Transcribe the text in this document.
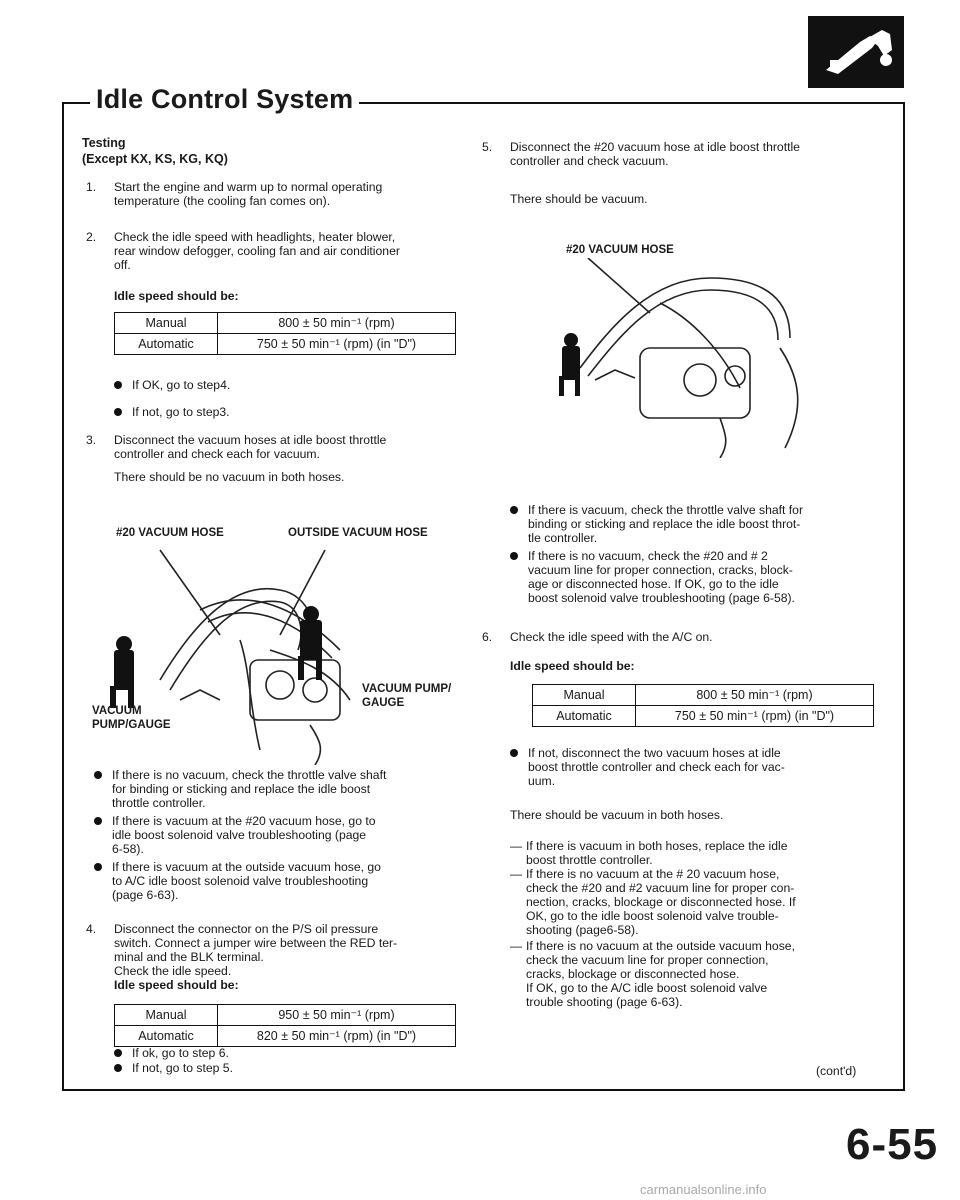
Idle Control System
Testing
(Except KX, KS, KG, KQ)
1. Start the engine and warm up to normal operating
temperature (the cooling fan comes on).
2. Check the idle speed with headlights, heater blower,
rear window defogger, cooling fan and air conditioner
off.
Idle speed should be:
Manual	800 ± 50 min⁻¹ (rpm)
Automatic	750 ± 50 min⁻¹ (rpm) (in "D")
If OK, go to step4.
If not, go to step3.
3. Disconnect the vacuum hoses at idle boost throttle
controller and check each for vacuum.
There should be no vacuum in both hoses.
#20 VACUUM HOSE	OUTSIDE VACUUM HOSE
VACUUM
PUMP/GAUGE
VACUUM PUMP/
GAUGE
If there is no vacuum, check the throttle valve shaft
for binding or sticking and replace the idle boost
throttle controller.
If there is vacuum at the #20 vacuum hose, go to
idle boost solenoid valve troubleshooting (page
6-58).
If there is vacuum at the outside vacuum hose, go
to A/C idle boost solenoid valve troubleshooting
(page 6-63).
4. Disconnect the connector on the P/S oil pressure
switch. Connect a jumper wire between the RED ter-
minal and the BLK terminal.
Check the idle speed.
Idle speed should be:
Manual	950 ± 50 min⁻¹ (rpm)
Automatic	820 ± 50 min⁻¹ (rpm) (in "D")
5. Disconnect the #20 vacuum hose at idle boost throttle
controller and check vacuum.
There should be vacuum.
#20 VACUUM HOSE
If there is vacuum, check the throttle valve shaft for
binding or sticking and replace the idle boost throt-
tle controller.
If there is no vacuum, check the #20 and # 2
vacuum line for proper connection, cracks, block-
age or disconnected hose. If OK, go to the idle
boost solenoid valve troubleshooting (page 6-58).
6. Check the idle speed with the A/C on.
Idle speed should be:
Manual	800 ± 50 min⁻¹ (rpm)
Automatic	750 ± 50 min⁻¹ (rpm) (in "D")
If not, disconnect the two vacuum hoses at idle
boost throttle controller and check each for vac-
uum.
There should be vacuum in both hoses.
— If there is vacuum in both hoses, replace the idle
boost throttle controller.
— If there is no vacuum at the # 20 vacuum hose,
check the #20 and #2 vacuum line for proper con-
nection, cracks, blockage or disconnected hose. If
OK, go to the idle boost solenoid valve trouble-
shooting (page6-58).
— If there is no vacuum at the outside vacuum hose,
check the vacuum line for proper connection,
cracks, blockage or disconnected hose.
If OK, go to the A/C idle boost solenoid valve
trouble shooting (page 6-63).
If ok, go to step 6.
If not, go to step 5.	(cont'd)
6-55
carmanualsonline.info
